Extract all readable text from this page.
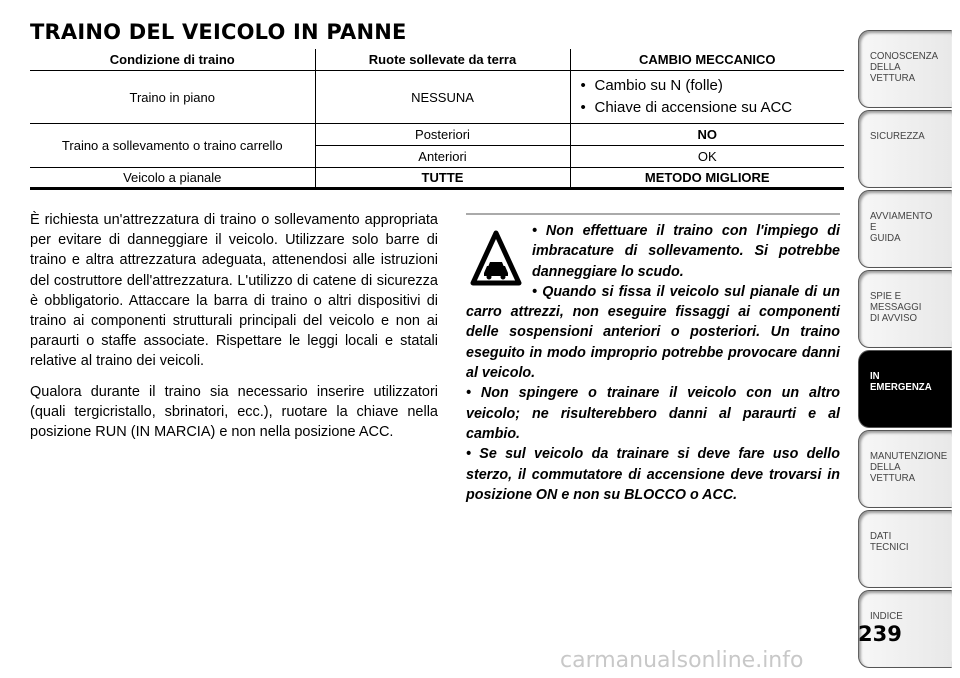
TRAINO DEL VEICOLO IN PANNE
Condizione di traino	Ruote sollevate da terra	CAMBIO MECCANICO
Traino in piano	NESSUNA	• Cambio su N (folle)
• Chiave di accensione su ACC

Traino a sollevamento o traino carrello	Posteriori	NO
	Anteriori	OK
Veicolo a pianale	TUTTE	METODO MIGLIORE

È richiesta un'attrezzatura di traino o sollevamento appropriata per evitare di danneggiare il veicolo. Utilizzare solo barre di traino e altra attrezzatura adeguata, attenendosi alle istruzioni del costruttore dell'attrezzatura. L'utilizzo di catene di sicurezza è obbligatorio. Attaccare la barra di traino o altri dispositivi di traino ai componenti strutturali principali del veicolo e non ai paraurti o staffe associate. Rispettare le leggi locali e statali relative al traino dei veicoli.

Qualora durante il traino sia necessario inserire utilizzatori (quali tergicristallo, sbrinatori, ecc.), ruotare la chiave nella posizione RUN (IN MARCIA) e non nella posizione ACC.

• Non effettuare il traino con l'impiego di imbracature di sollevamento. Si potrebbe danneggiare lo scudo.

• Quando si fissa il veicolo sul pianale di un carro attrezzi, non eseguire fissaggi ai componenti delle sospensioni anteriori o posteriori. Un traino eseguito in modo improprio potrebbe provocare danni al veicolo.

• Non spingere o trainare il veicolo con un altro veicolo; ne risulterebbero danni al paraurti e al cambio.

• Se sul veicolo da trainare si deve fare uso dello sterzo, il commutatore di accensione deve trovarsi in posizione ON e non su BLOCCO o ACC.

CONOSCENZA
DELLA
VETTURA
SICUREZZA
AVVIAMENTO
E
GUIDA
SPIE E
MESSAGGI
DI AVVISO
IN
EMERGENZA
MANUTENZIONE
DELLA
VETTURA
DATI
TECNICI
INDICE
239
carmanualsonline.info
